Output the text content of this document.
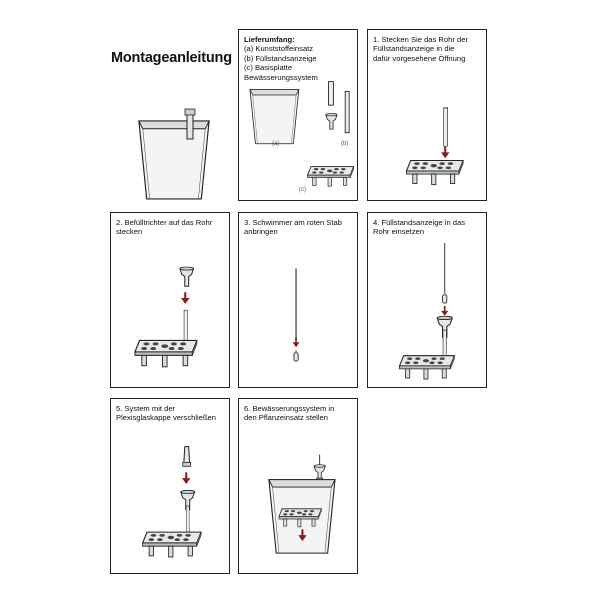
Montageanleitung
Lieferumfang:
(a) Kunststoffeinsatz
(b) Füllstandsanzeige
(c) Basisplatte
Bewässerungssystem
(a)	(b)
(c)
1. Stecken Sie das Rohr der
Füllstandsanzeige in die
dafür vorgesehene Öffnung
2. Befülltrichter auf das Rohr
stecken
3. Schwimmer am roten Stab
anbringen
4. Füllstandsanzeige in das
Rohr einsetzen
5. System mit der
Plexisglaskappe verschließen
6. Bewässerungssystem in
den Pflanzeinsatz stellen
